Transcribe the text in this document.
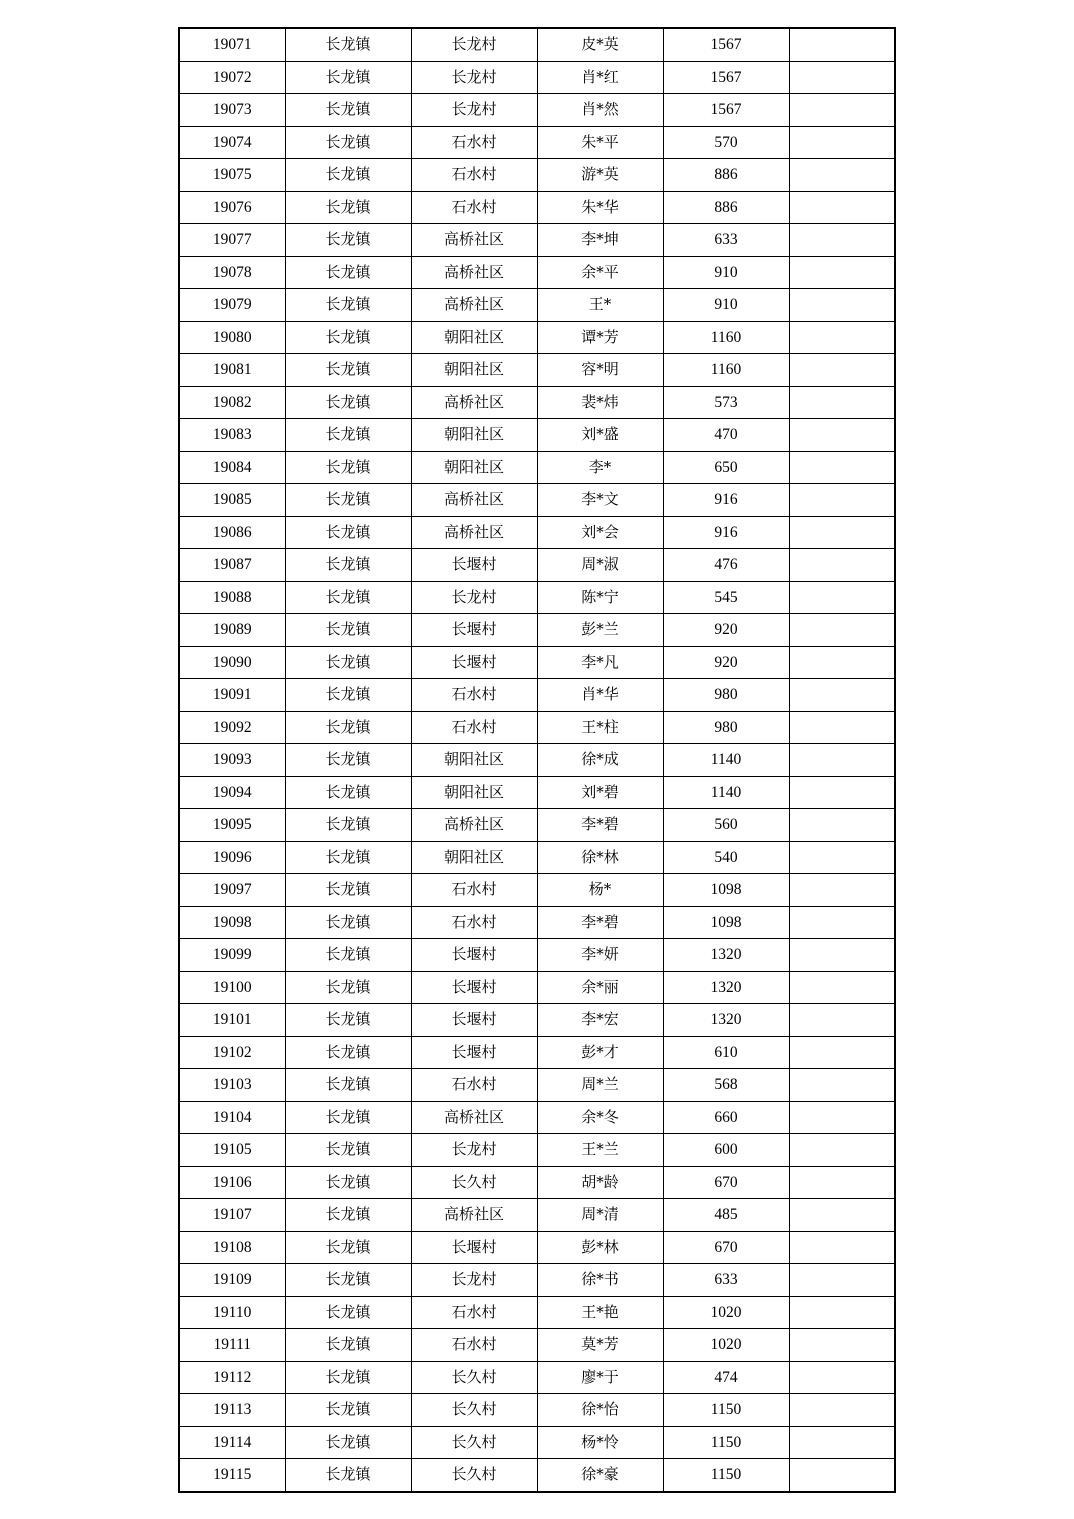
19071	长龙镇	长龙村	皮*英	1567	
19072	长龙镇	长龙村	肖*红	1567	
19073	长龙镇	长龙村	肖*然	1567	
19074	长龙镇	石水村	朱*平	570	
19075	长龙镇	石水村	游*英	886	
19076	长龙镇	石水村	朱*华	886	
19077	长龙镇	高桥社区	李*坤	633	
19078	长龙镇	高桥社区	余*平	910	
19079	长龙镇	高桥社区	王*	910	
19080	长龙镇	朝阳社区	谭*芳	1160	
19081	长龙镇	朝阳社区	容*明	1160	
19082	长龙镇	高桥社区	裴*炜	573	
19083	长龙镇	朝阳社区	刘*盛	470	
19084	长龙镇	朝阳社区	李*	650	
19085	长龙镇	高桥社区	李*文	916	
19086	长龙镇	高桥社区	刘*会	916	
19087	长龙镇	长堰村	周*淑	476	
19088	长龙镇	长龙村	陈*宁	545	
19089	长龙镇	长堰村	彭*兰	920	
19090	长龙镇	长堰村	李*凡	920	
19091	长龙镇	石水村	肖*华	980	
19092	长龙镇	石水村	王*柱	980	
19093	长龙镇	朝阳社区	徐*成	1140	
19094	长龙镇	朝阳社区	刘*碧	1140	
19095	长龙镇	高桥社区	李*碧	560	
19096	长龙镇	朝阳社区	徐*林	540	
19097	长龙镇	石水村	杨*	1098	
19098	长龙镇	石水村	李*碧	1098	
19099	长龙镇	长堰村	李*妍	1320	
19100	长龙镇	长堰村	余*丽	1320	
19101	长龙镇	长堰村	李*宏	1320	
19102	长龙镇	长堰村	彭*才	610	
19103	长龙镇	石水村	周*兰	568	
19104	长龙镇	高桥社区	余*冬	660	
19105	长龙镇	长龙村	王*兰	600	
19106	长龙镇	长久村	胡*龄	670	
19107	长龙镇	高桥社区	周*清	485	
19108	长龙镇	长堰村	彭*林	670	
19109	长龙镇	长龙村	徐*书	633	
19110	长龙镇	石水村	王*艳	1020	
19111	长龙镇	石水村	莫*芳	1020	
19112	长龙镇	长久村	廖*于	474	
19113	长龙镇	长久村	徐*怡	1150	
19114	长龙镇	长久村	杨*怜	1150	
19115	长龙镇	长久村	徐*豪	1150	
